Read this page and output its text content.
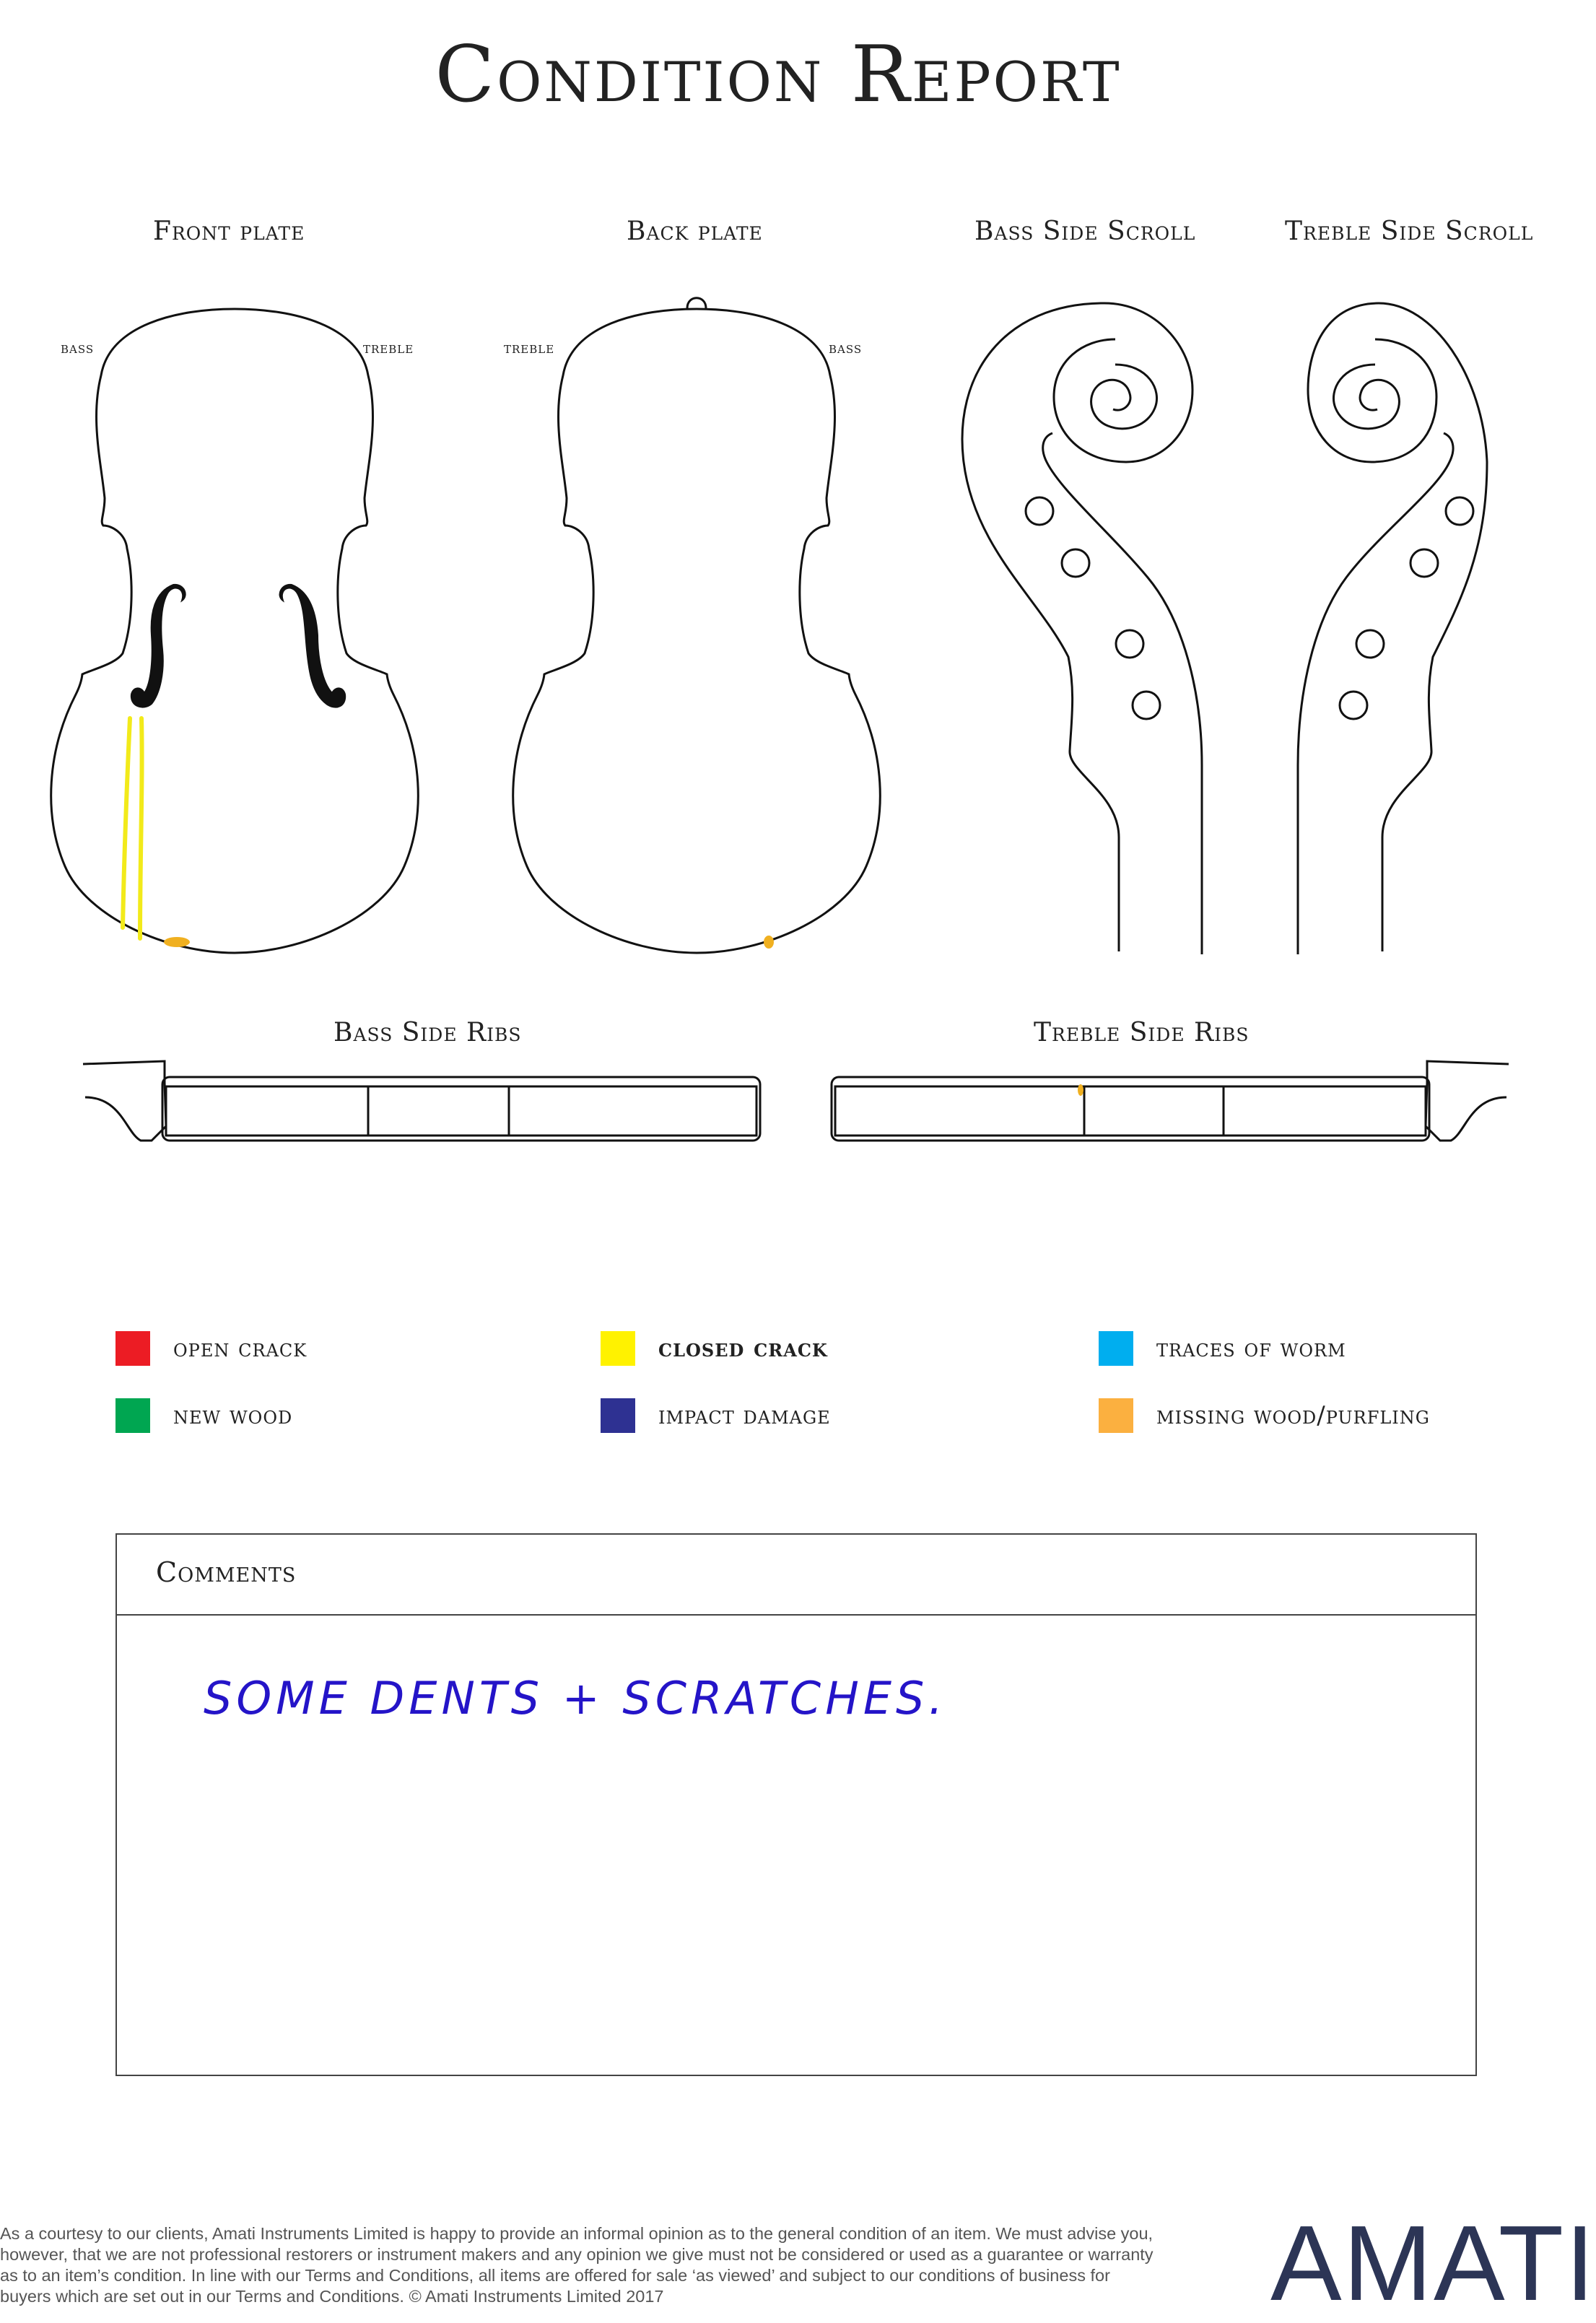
Condition Report
Front plate	Back plate	Bass Side Scroll	Treble Side Scroll
bass	treble	treble	bass
Bass Side Ribs	Treble Side Ribs
open crack	closed crack	traces of worm
new wood	impact damage	missing wood/purfling
Comments
SOME DENTS + SCRATCHES.
As a courtesy to our clients, Amati Instruments Limited is happy to provide an informal opinion as to the general condition of an item. We must advise you, however, that we are not professional restorers or instrument makers and any opinion we give must not be considered or used as a guarantee or warranty as to an item’s condition. In line with our Terms and Conditions, all items are offered for sale ‘as viewed’ and subject to our conditions of business for buyers which are set out in our Terms and Conditions. © Amati Instruments Limited 2017	AMATI
